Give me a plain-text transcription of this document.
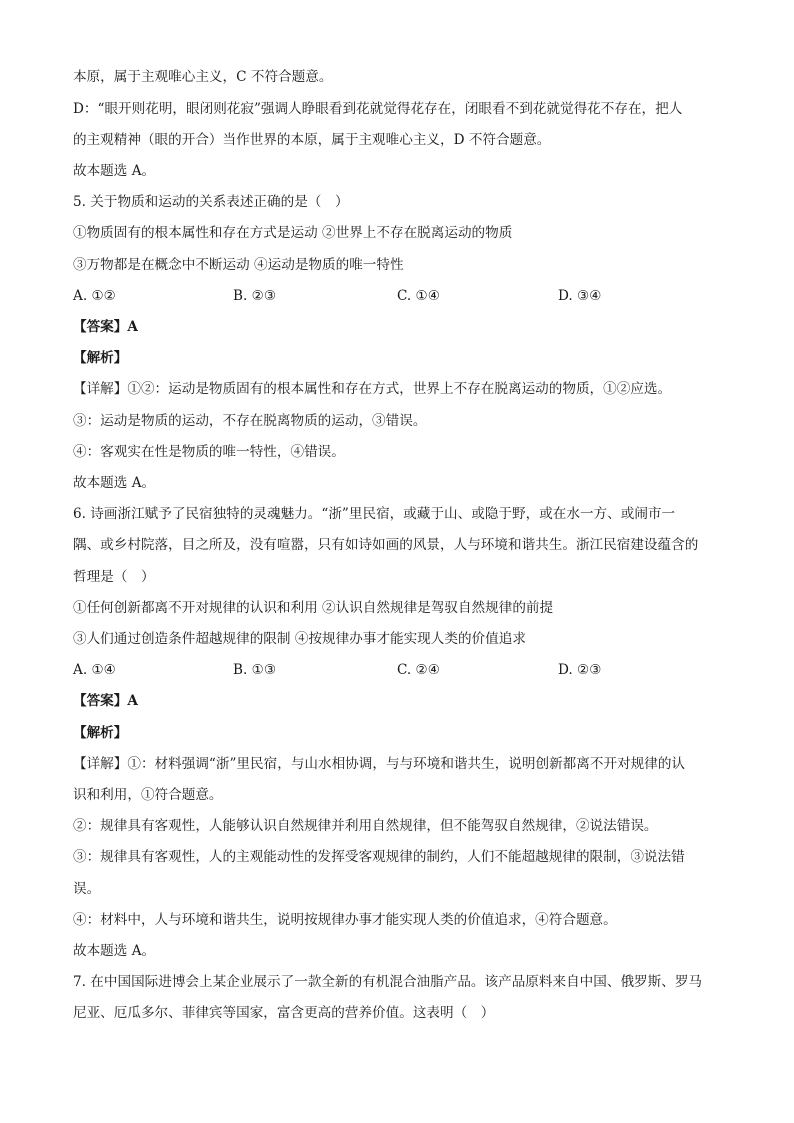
本原，属于主观唯心主义，C 不符合题意。
D：“眼开则花明，眼闭则花寂”强调人睁眼看到花就觉得花存在，闭眼看不到花就觉得花不存在，把人
的主观精神（眼的开合）当作世界的本原，属于主观唯心主义，D 不符合题意。
故本题选 A。
5. 关于物质和运动的关系表述正确的是（　）
①物质固有的根本属性和存在方式是运动 ②世界上不存在脱离运动的物质
③万物都是在概念中不断运动 ④运动是物质的唯一特性
A. ①②	B. ②③	C. ①④	D. ③④
【答案】A
【解析】
【详解】①②：运动是物质固有的根本属性和存在方式，世界上不存在脱离运动的物质，①②应选。
③：运动是物质的运动，不存在脱离物质的运动，③错误。
④：客观实在性是物质的唯一特性，④错误。
故本题选 A。
6. 诗画浙江赋予了民宿独特的灵魂魅力。“浙”里民宿，或藏于山、或隐于野，或在水一方、或闹市一
隅、或乡村院落，目之所及，没有喧嚣，只有如诗如画的风景，人与环境和谐共生。浙江民宿建设蕴含的
哲理是（　）
①任何创新都离不开对规律的认识和利用 ②认识自然规律是驾驭自然规律的前提
③人们通过创造条件超越规律的限制 ④按规律办事才能实现人类的价值追求
A. ①④	B. ①③	C. ②④	D. ②③
【答案】A
【解析】
【详解】①：材料强调“浙”里民宿，与山水相协调，与与环境和谐共生，说明创新都离不开对规律的认
识和利用，①符合题意。
②：规律具有客观性，人能够认识自然规律并利用自然规律，但不能驾驭自然规律，②说法错误。
③：规律具有客观性，人的主观能动性的发挥受客观规律的制约，人们不能超越规律的限制，③说法错
误。
④：材料中，人与环境和谐共生，说明按规律办事才能实现人类的价值追求，④符合题意。
故本题选 A。
7. 在中国国际进博会上某企业展示了一款全新的有机混合油脂产品。该产品原料来自中国、俄罗斯、罗马
尼亚、厄瓜多尔、菲律宾等国家，富含更高的营养价值。这表明（　）
